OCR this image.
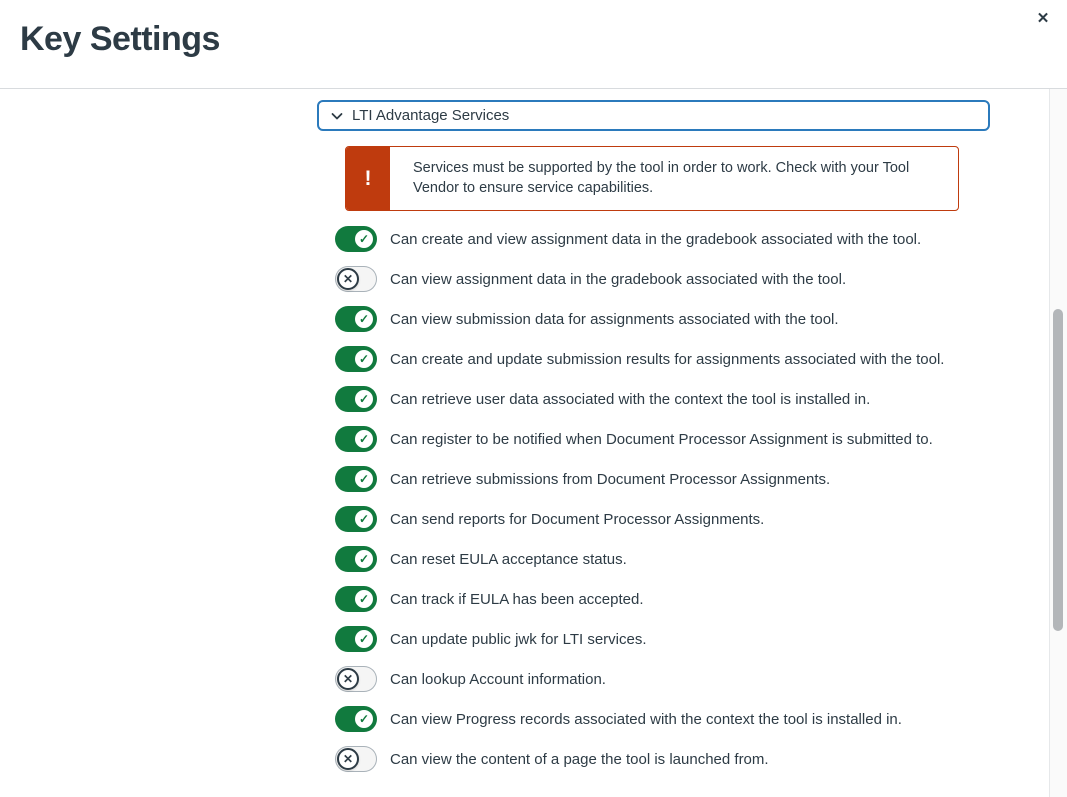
Key Settings
✕
LTI Advantage Services
!	Services must be supported by the tool in order to work. Check with your Tool Vendor to ensure service capabilities.
✓ Can create and view assignment data in the gradebook associated with the tool.
✕ Can view assignment data in the gradebook associated with the tool.
✓ Can view submission data for assignments associated with the tool.
✓ Can create and update submission results for assignments associated with the tool.
✓ Can retrieve user data associated with the context the tool is installed in.
✓ Can register to be notified when Document Processor Assignment is submitted to.
✓ Can retrieve submissions from Document Processor Assignments.
✓ Can send reports for Document Processor Assignments.
✓ Can reset EULA acceptance status.
✓ Can track if EULA has been accepted.
✓ Can update public jwk for LTI services.
✕ Can lookup Account information.
✓ Can view Progress records associated with the context the tool is installed in.
✕ Can view the content of a page the tool is launched from.
